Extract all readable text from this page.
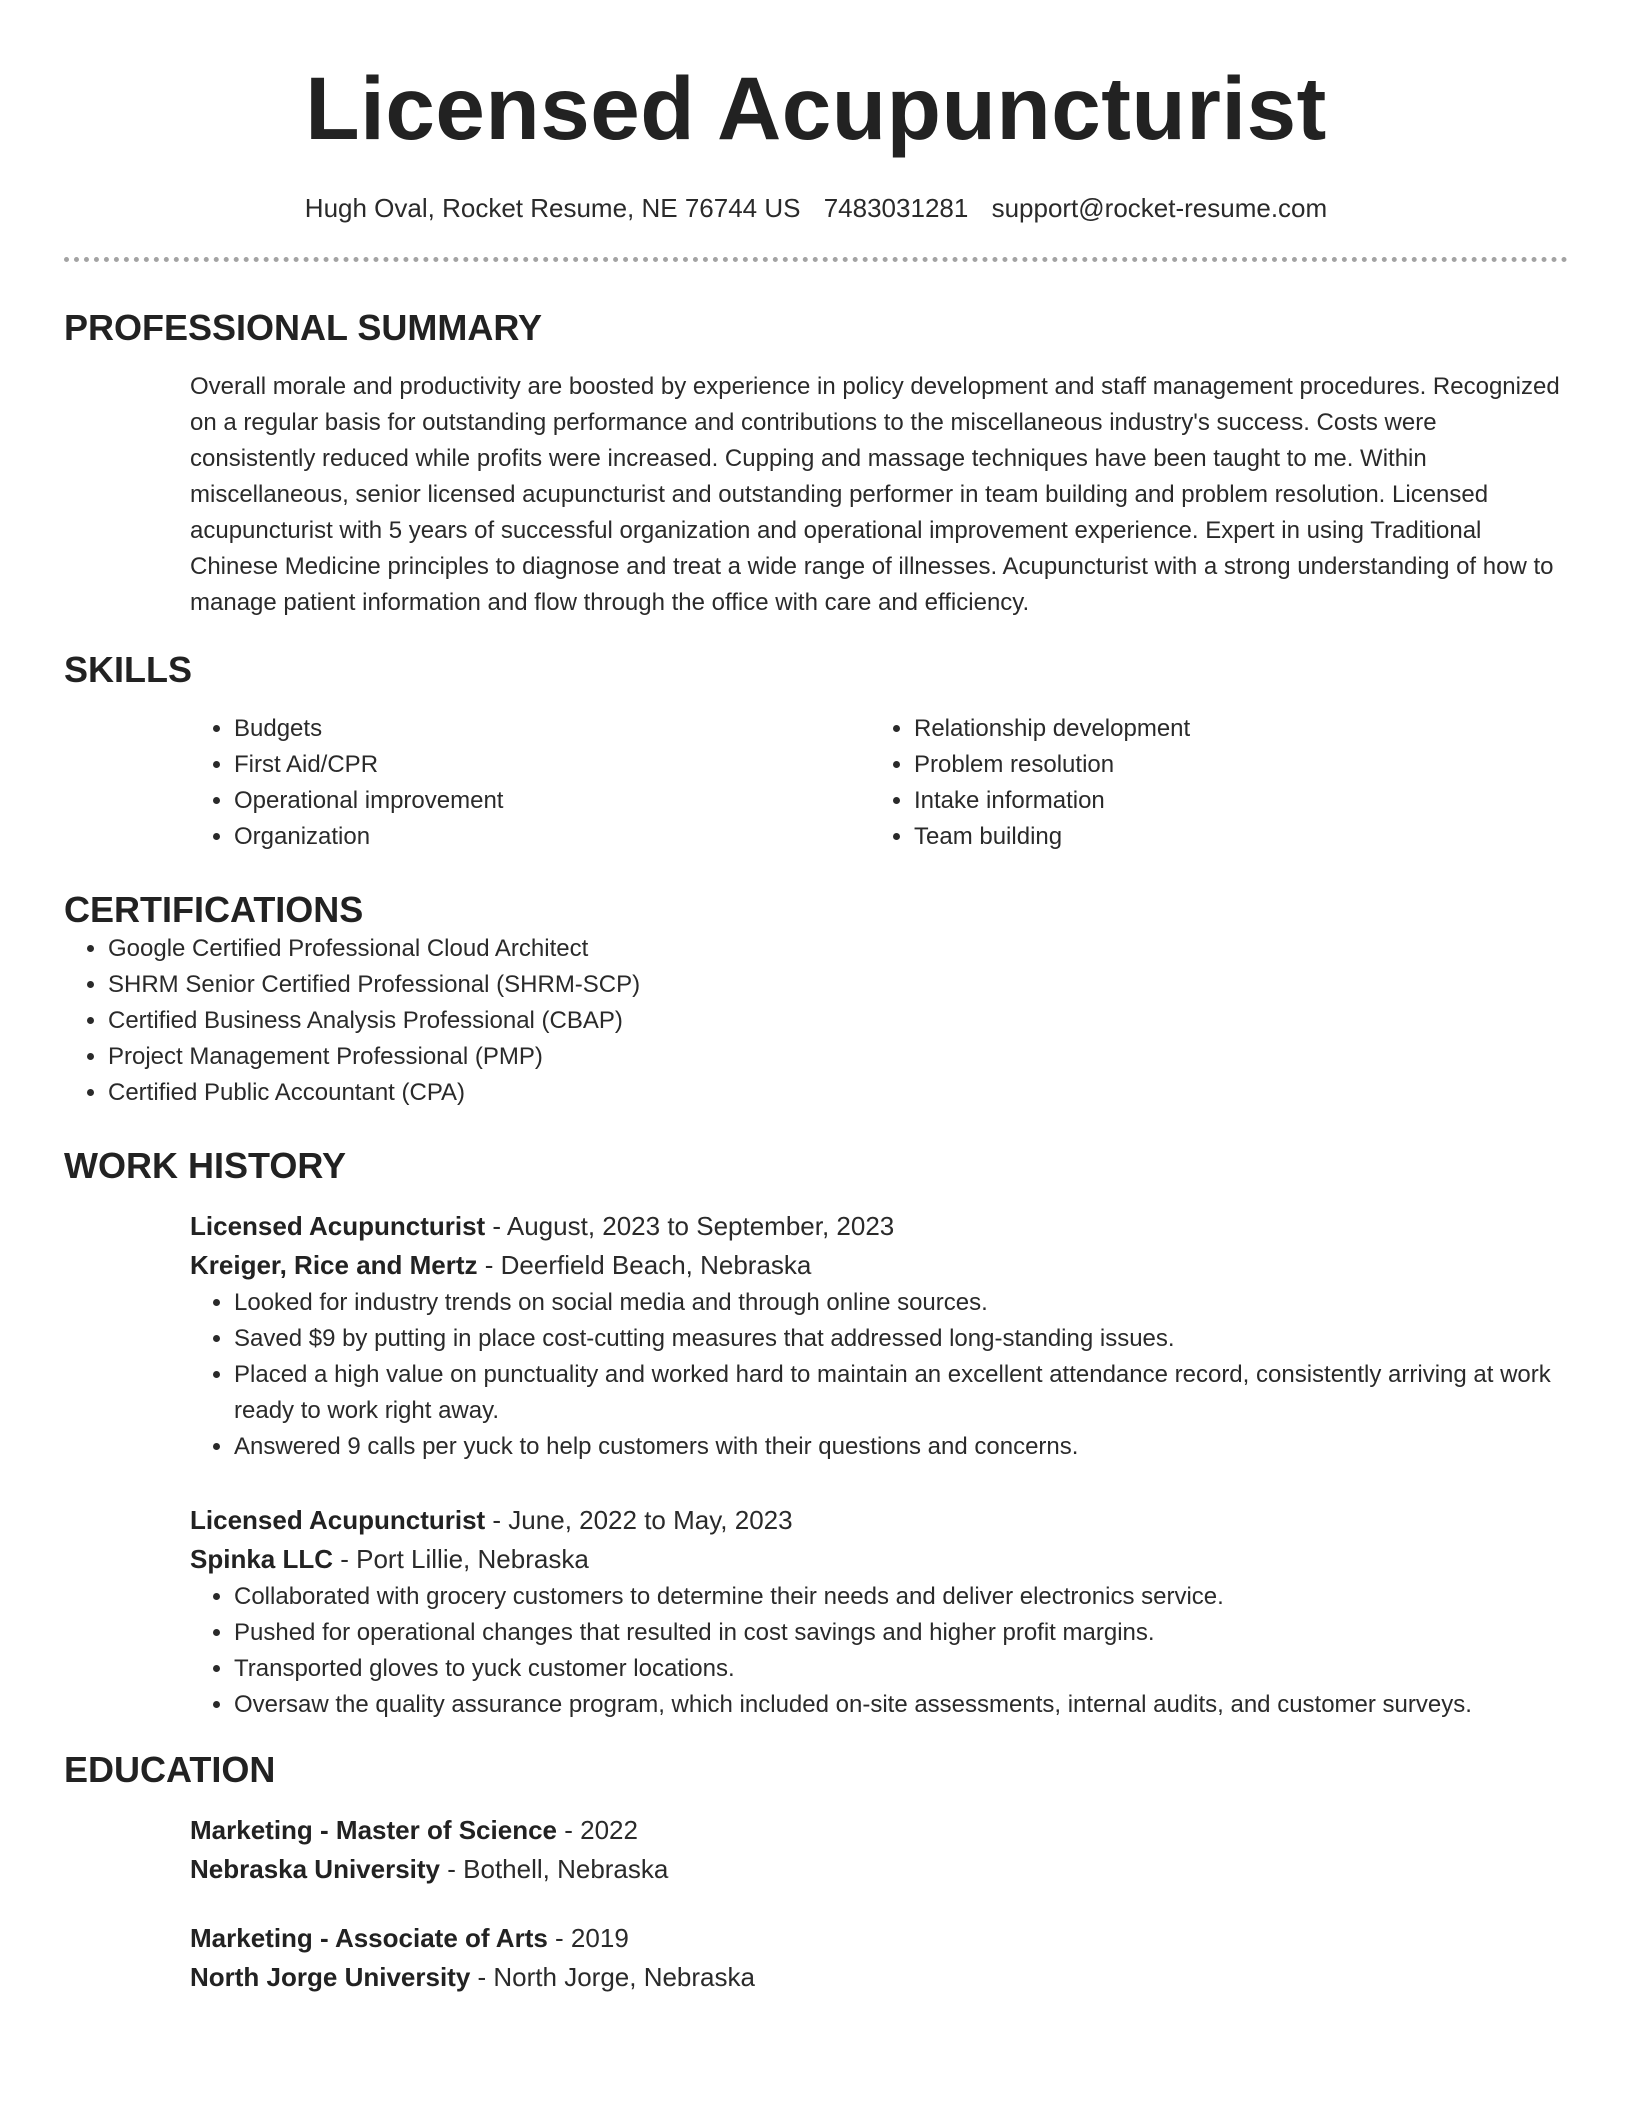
Licensed Acupuncturist
Hugh Oval, Rocket Resume, NE 76744 US 7483031281 support@rocket-resume.com
PROFESSIONAL SUMMARY
Overall morale and productivity are boosted by experience in policy development and staff management procedures. Recognized on a regular basis for outstanding performance and contributions to the miscellaneous industry's success. Costs were consistently reduced while profits were increased. Cupping and massage techniques have been taught to me. Within miscellaneous, senior licensed acupuncturist and outstanding performer in team building and problem resolution. Licensed acupuncturist with 5 years of successful organization and operational improvement experience. Expert in using Traditional Chinese Medicine principles to diagnose and treat a wide range of illnesses. Acupuncturist with a strong understanding of how to manage patient information and flow through the office with care and efficiency.
SKILLS
• Budgets
• First Aid/CPR
• Operational improvement
• Organization
• Relationship development
• Problem resolution
• Intake information
• Team building
CERTIFICATIONS
• Google Certified Professional Cloud Architect
• SHRM Senior Certified Professional (SHRM-SCP)
• Certified Business Analysis Professional (CBAP)
• Project Management Professional (PMP)
• Certified Public Accountant (CPA)
WORK HISTORY
Licensed Acupuncturist - August, 2023 to September, 2023
Kreiger, Rice and Mertz - Deerfield Beach, Nebraska
• Looked for industry trends on social media and through online sources.
• Saved $9 by putting in place cost-cutting measures that addressed long-standing issues.
• Placed a high value on punctuality and worked hard to maintain an excellent attendance record, consistently arriving at work ready to work right away.
• Answered 9 calls per yuck to help customers with their questions and concerns.
Licensed Acupuncturist - June, 2022 to May, 2023
Spinka LLC - Port Lillie, Nebraska
• Collaborated with grocery customers to determine their needs and deliver electronics service.
• Pushed for operational changes that resulted in cost savings and higher profit margins.
• Transported gloves to yuck customer locations.
• Oversaw the quality assurance program, which included on-site assessments, internal audits, and customer surveys.
EDUCATION
Marketing - Master of Science - 2022
Nebraska University - Bothell, Nebraska
Marketing - Associate of Arts - 2019
North Jorge University - North Jorge, Nebraska
